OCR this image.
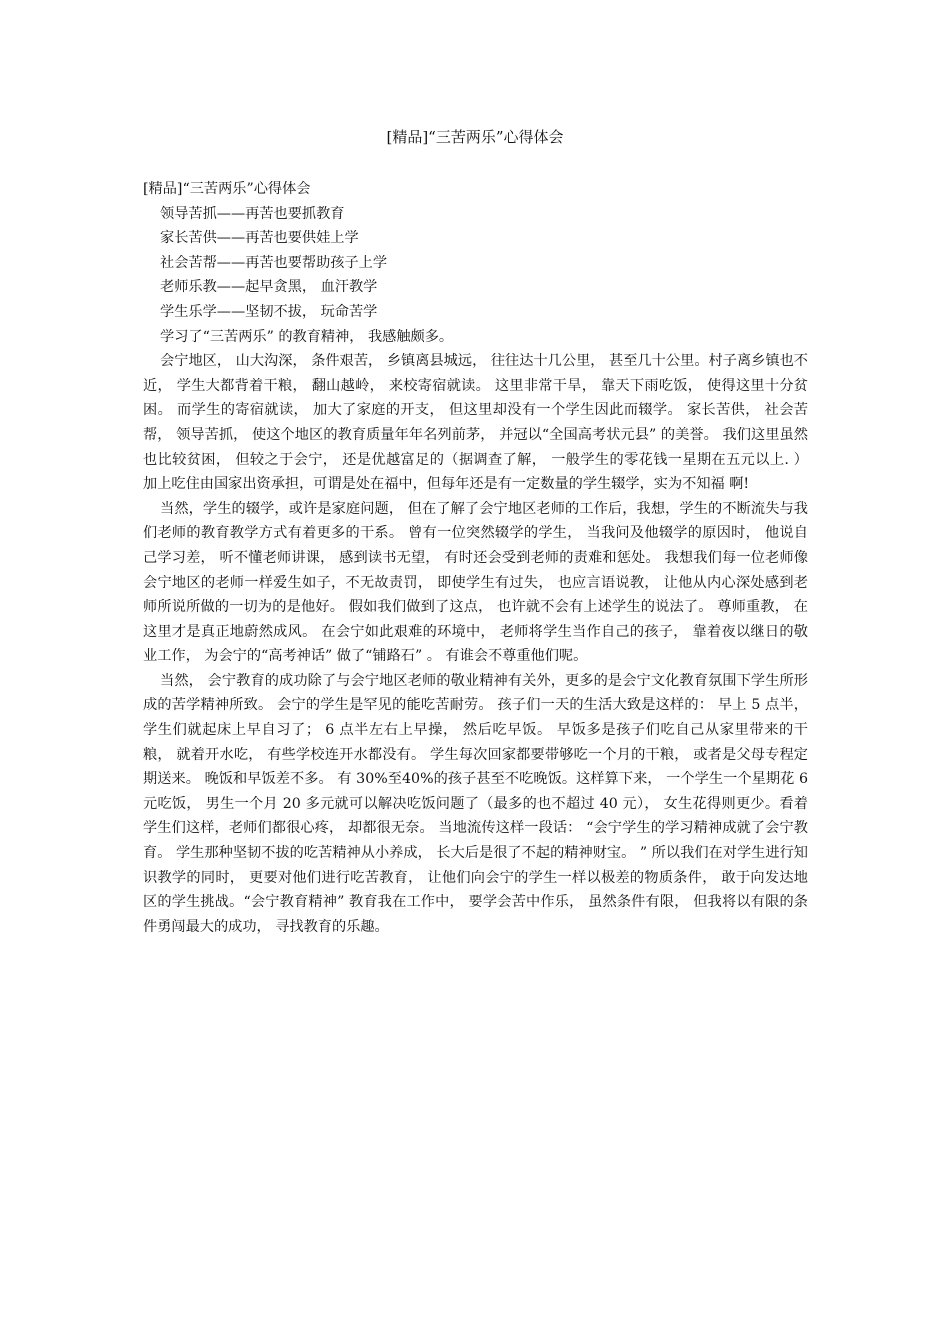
[精品]“三苦两乐”心得体会

[精品]“三苦两乐”心得体会

领导苦抓——再苦也要抓教育

家长苦供——再苦也要供娃上学

社会苦帮——再苦也要帮助孩子上学

老师乐教——起早贪黑， 血汗教学

学生乐学——坚韧不拔， 玩命苦学

学习了“三苦两乐” 的教育精神， 我感触颇多。

会宁地区， 山大沟深， 条件艰苦， 乡镇离县城远， 往往达十几公里， 甚至几十公里。村子离乡镇也不近， 学生大都背着干粮， 翻山越岭， 来校寄宿就读。 这里非常干旱， 靠天下雨吃饭， 使得这里十分贫困。 而学生的寄宿就读， 加大了家庭的开支， 但这里却没有一个学生因此而辍学。 家长苦供， 社会苦帮， 领导苦抓， 使这个地区的教育质量年年名列前茅， 并冠以“全国高考状元县” 的美誉。 我们这里虽然也比较贫困， 但较之于会宁， 还是优越富足的（据调查了解， 一般学生的零花钱一星期在五元以上. ） 加上吃住由国家出资承担，可谓是处在福中，但每年还是有一定数量的学生辍学，实为不知福 啊!

当然，学生的辍学，或许是家庭问题， 但在了解了会宁地区老师的工作后，我想，学生的不断流失与我们老师的教育教学方式有着更多的干系。 曾有一位突然辍学的学生， 当我问及他辍学的原因时， 他说自己学习差， 听不懂老师讲课， 感到读书无望， 有时还会受到老师的责难和惩处。 我想我们每一位老师像会宁地区的老师一样爱生如子，不无故责罚， 即使学生有过失， 也应言语说教， 让他从内心深处感到老师所说所做的一切为的是他好。 假如我们做到了这点， 也许就不会有上述学生的说法了。 尊师重教， 在这里才是真正地蔚然成风。 在会宁如此艰难的环境中， 老师将学生当作自己的孩子， 靠着夜以继日的敬业工作， 为会宁的“高考神话” 做了“铺路石” 。 有谁会不尊重他们呢。

当然， 会宁教育的成功除了与会宁地区老师的敬业精神有关外，更多的是会宁文化教育氛围下学生所形成的苦学精神所致。 会宁的学生是罕见的能吃苦耐劳。 孩子们一天的生活大致是这样的： 早上 5 点半， 学生们就起床上早自习了； 6 点半左右上早操， 然后吃早饭。 早饭多是孩子们吃自己从家里带来的干粮， 就着开水吃， 有些学校连开水都没有。 学生每次回家都要带够吃一个月的干粮， 或者是父母专程定期送来。 晚饭和早饭差不多。 有 30%至40%的孩子甚至不吃晚饭。这样算下来， 一个学生一个星期花 6 元吃饭， 男生一个月 20 多元就可以解决吃饭问题了（最多的也不超过 40 元）， 女生花得则更少。看着学生们这样，老师们都很心疼， 却都很无奈。 当地流传这样一段话： “会宁学生的学习精神成就了会宁教育。 学生那种坚韧不拔的吃苦精神从小养成， 长大后是很了不起的精神财宝。 ” 所以我们在对学生进行知识教学的同时， 更要对他们进行吃苦教育， 让他们向会宁的学生一样以极差的物质条件， 敢于向发达地区的学生挑战。“会宁教育精神” 教育我在工作中， 要学会苦中作乐， 虽然条件有限， 但我将以有限的条件勇闯最大的成功， 寻找教育的乐趣。
